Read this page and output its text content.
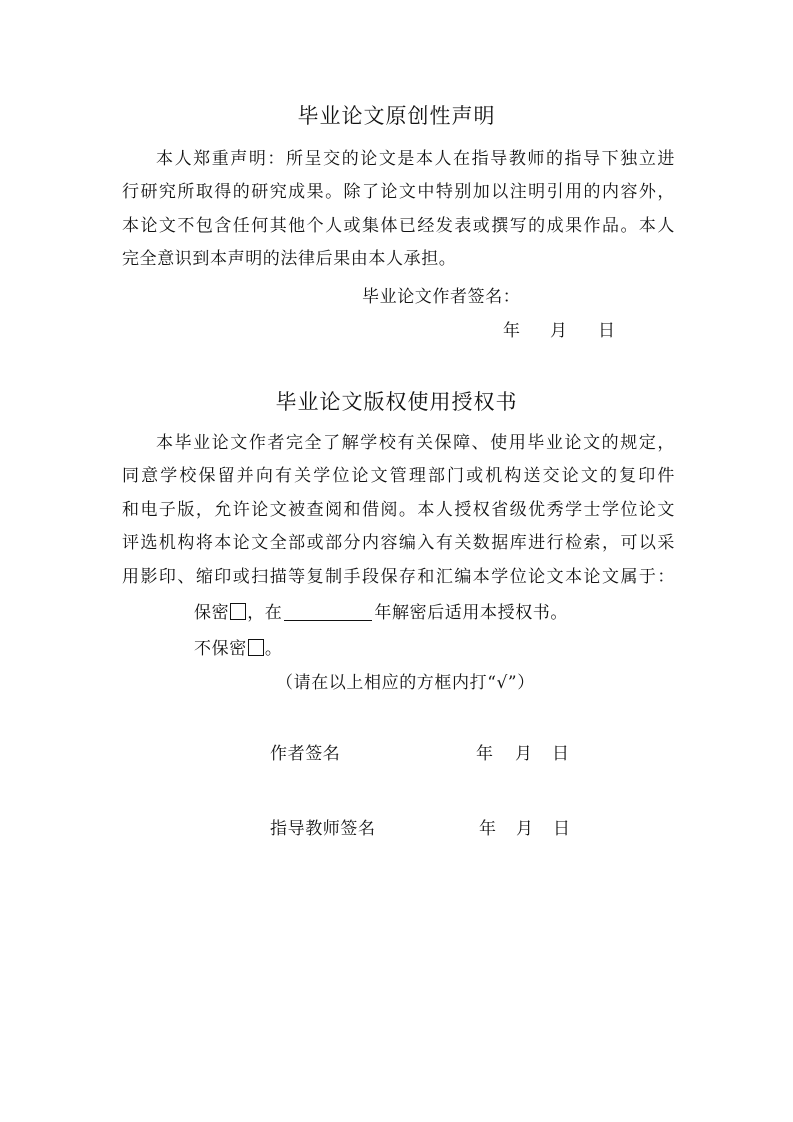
毕业论文原创性声明
本人郑重声明：所呈交的论文是本人在指导教师的指导下独立进
行研究所取得的研究成果。除了论文中特别加以注明引用的内容外，
本论文不包含任何其他个人或集体已经发表或撰写的成果作品。本人
完全意识到本声明的法律后果由本人承担。
毕业论文作者签名：
年 月 日
毕业论文版权使用授权书
本毕业论文作者完全了解学校有关保障、使用毕业论文的规定，
同意学校保留并向有关学位论文管理部门或机构送交论文的复印件
和电子版，允许论文被查阅和借阅。本人授权省级优秀学士学位论文
评选机构将本论文全部或部分内容编入有关数据库进行检索，可以采
用影印、缩印或扫描等复制手段保存和汇编本学位论文本论文属于：
保密 ，在	年解密后适用本授权书。
不保密 。
（请在以上相应的方框内打“√”）
作者签名	年 月 日
指导教师签名	年 月 日
